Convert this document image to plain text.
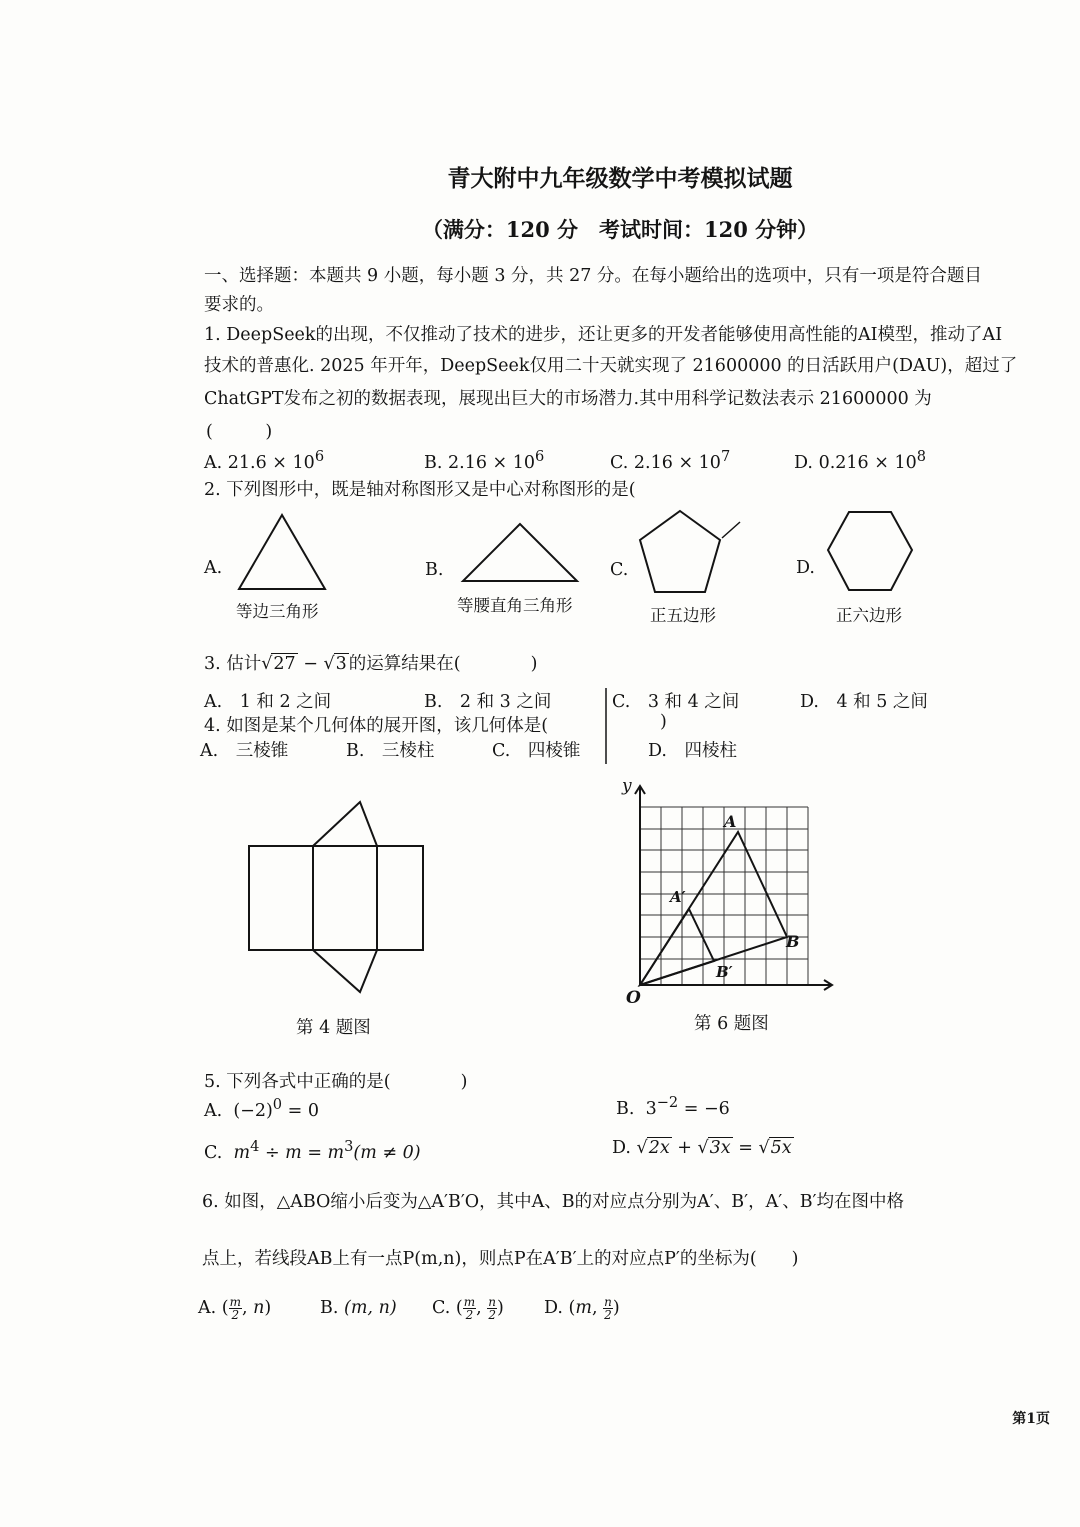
青大附中九年级数学中考模拟试题
（满分：120 分　考试时间：120 分钟）
一、选择题：本题共 9 小题，每小题 3 分，共 27 分。在每小题给出的选项中，只有一项是符合题目
要求的。
1. DeepSeek的出现，不仅推动了技术的进步，还让更多的开发者能够使用高性能的AI模型，推动了AI
技术的普惠化. 2025 年开年，DeepSeek仅用二十天就实现了 21600000 的日活跃用户(DAU)，超过了
ChatGPT发布之初的数据表现，展现出巨大的市场潜力.其中用科学记数法表示 21600000 为
(　　　)
A. $21.6 \times 10^6$	B. $2.16 \times 10^6$	C. $2.16 \times 10^7$	D. $0.216 \times 10^8$
2. 下列图形中，既是轴对称图形又是中心对称图形的是(
A.	B.	C.	D.
等边三角形	等腰直角三角形
正五边形	正六边形
3. 估计√27 − √3 的运算结果在(　　　　)
A.　1 和 2 之间	B.　2 和 3 之间	C.　3 和 4 之间	D.　4 和 5 之间
4. 如图是某个几何体的展开图，该几何体是(	)
A.　三棱锥	B.　三棱柱	C.　四棱锥	D.　四棱柱
第 4 题图
y
O
A
B
A′
B′
第 6 题图
5. 下列各式中正确的是(　　　　)
A. $(-2)^0 = 0$	B. $3^{-2} = -6$
C. $m^4 \div m = m^3(m \ne 0)$	D. √2x + √3x = √5x
6. 如图，△ABO缩小后变为△A′B′O，其中A、B的对应点分别为A′、B′，A′、B′均在图中格
点上，若线段AB上有一点P(m,n)，则点P在A′B′上的对应点P′的坐标为(　　)
A. ( $\frac{m}{2}$ , n)	B. (m, n) C. ( $\frac{m}{2}$ , $\frac{n}{2}$ ) D. (m, $\frac{n}{2}$ )
第1页
